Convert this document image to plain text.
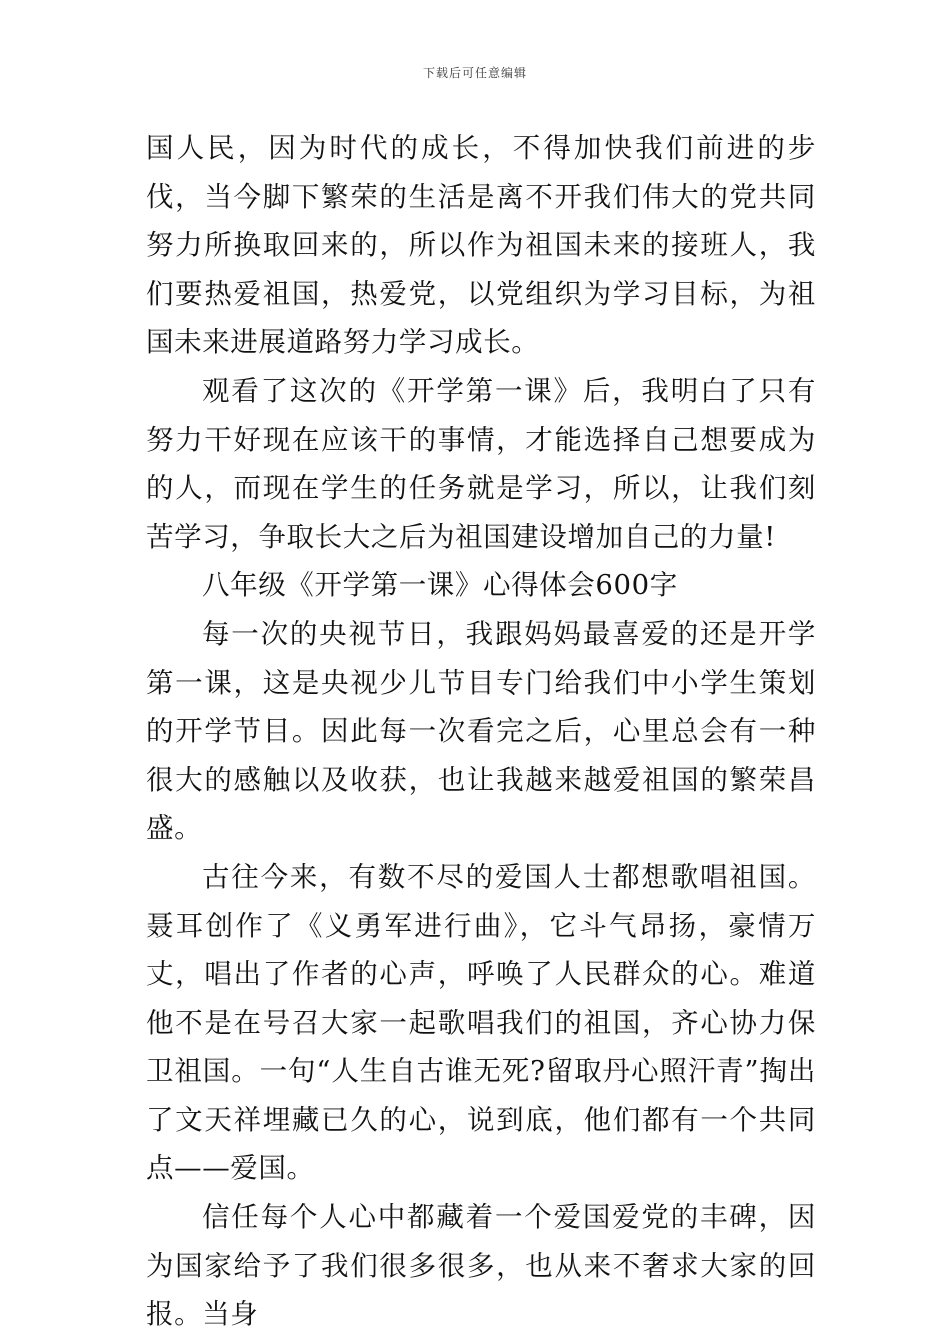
下载后可任意编辑

国人民，因为时代的成长，不得加快我们前进的步伐，当今脚下繁荣的生活是离不开我们伟大的党共同努力所换取回来的，所以作为祖国未来的接班人，我们要热爱祖国，热爱党，以党组织为学习目标，为祖国未来进展道路努力学习成长。

观看了这次的《开学第一课》后，我明白了只有努力干好现在应该干的事情，才能选择自己想要成为的人，而现在学生的任务就是学习，所以，让我们刻苦学习，争取长大之后为祖国建设增加自己的力量!

八年级《开学第一课》心得体会600字

每一次的央视节日，我跟妈妈最喜爱的还是开学第一课，这是央视少儿节目专门给我们中小学生策划的开学节目。因此每一次看完之后，心里总会有一种很大的感触以及收获，也让我越来越爱祖国的繁荣昌盛。

古往今来，有数不尽的爱国人士都想歌唱祖国。聂耳创作了《义勇军进行曲》，它斗气昂扬，豪情万丈，唱出了作者的心声，呼唤了人民群众的心。难道他不是在号召大家一起歌唱我们的祖国，齐心协力保卫祖国。一句“人生自古谁无死?留取丹心照汗青”掏出了文天祥埋藏已久的心，说到底，他们都有一个共同点——爱国。

信任每个人心中都藏着一个爱国爱党的丰碑，因为国家给予了我们很多很多，也从来不奢求大家的回报。当身
